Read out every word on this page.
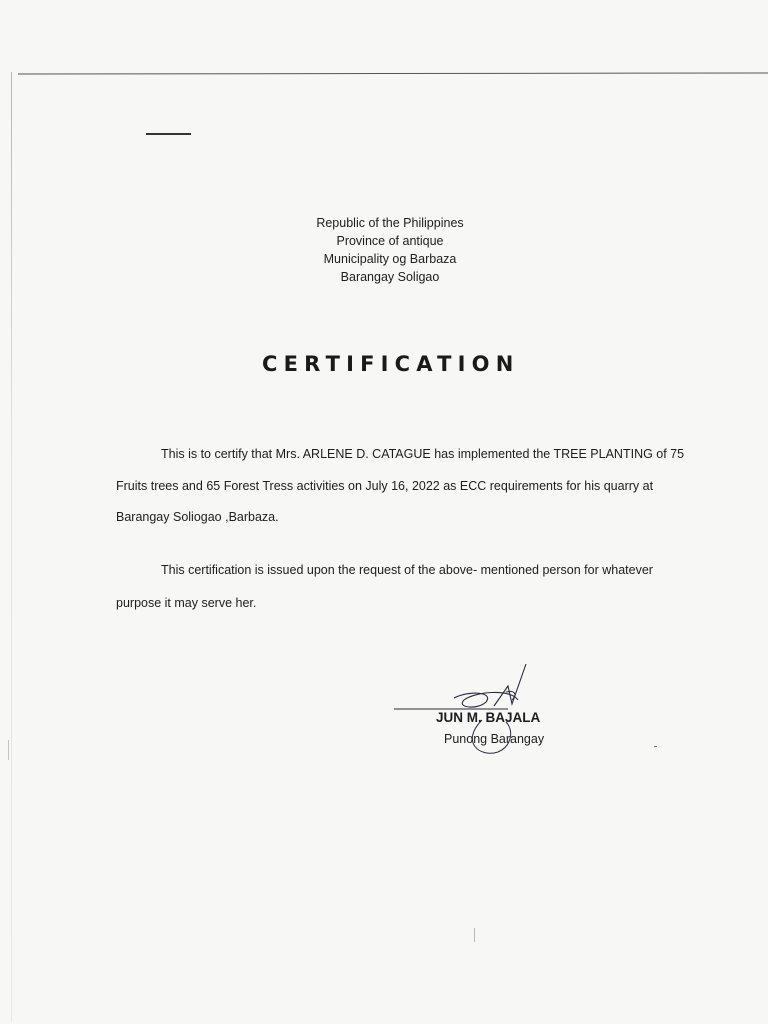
Republic of the Philippines
Province of antique
Municipality og Barbaza
Barangay Soligao
CERTIFICATION
This is to certify that Mrs. ARLENE D. CATAGUE has implemented the TREE PLANTING of 75
Fruits trees and 65 Forest Tress activities on July 16, 2022 as ECC requirements for his quarry at
Barangay Soliogao ,Barbaza.
This certification is issued upon the request of the above- mentioned person for whatever
purpose it may serve her.
JUN M. BAJALA
Punong Barangay
